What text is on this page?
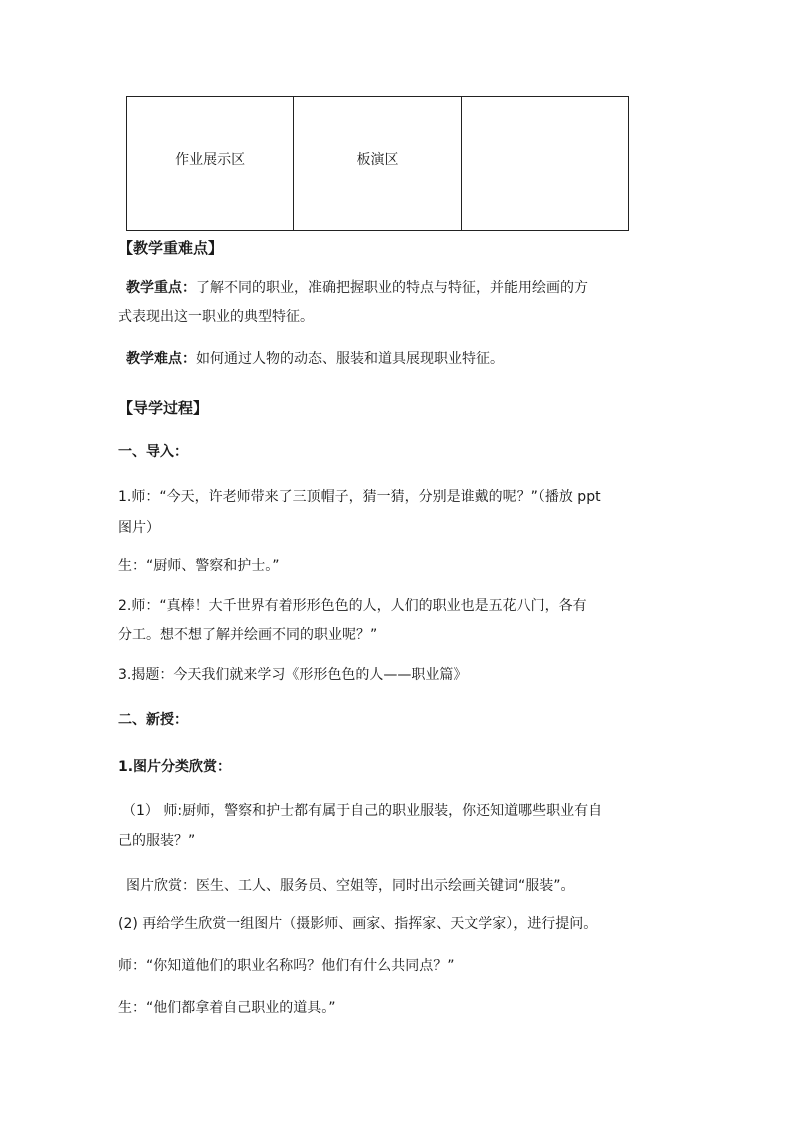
作业展示区	板演区	
【教学重难点】
教学重点：了解不同的职业，准确把握职业的特点与特征，并能用绘画的方
式表现出这一职业的典型特征。
教学难点：如何通过人物的动态、服装和道具展现职业特征。
【导学过程】
一、导入：
1.师：“今天，许老师带来了三顶帽子，猜一猜，分别是谁戴的呢？”（播放 ppt
图片）
生：“厨师、警察和护士。”
2.师：“真棒！大千世界有着形形色色的人，人们的职业也是五花八门，各有
分工。想不想了解并绘画不同的职业呢？”
3.揭题：今天我们就来学习《形形色色的人——职业篇》
二、新授：
1.图片分类欣赏：
（1） 师:厨师，警察和护士都有属于自己的职业服装，你还知道哪些职业有自
己的服装？”
图片欣赏：医生、工人、服务员、空姐等，同时出示绘画关键词“服装”。
(2) 再给学生欣赏一组图片（摄影师、画家、指挥家、天文学家），进行提问。
师：“你知道他们的职业名称吗？他们有什么共同点？”
生：“他们都拿着自己职业的道具。”
